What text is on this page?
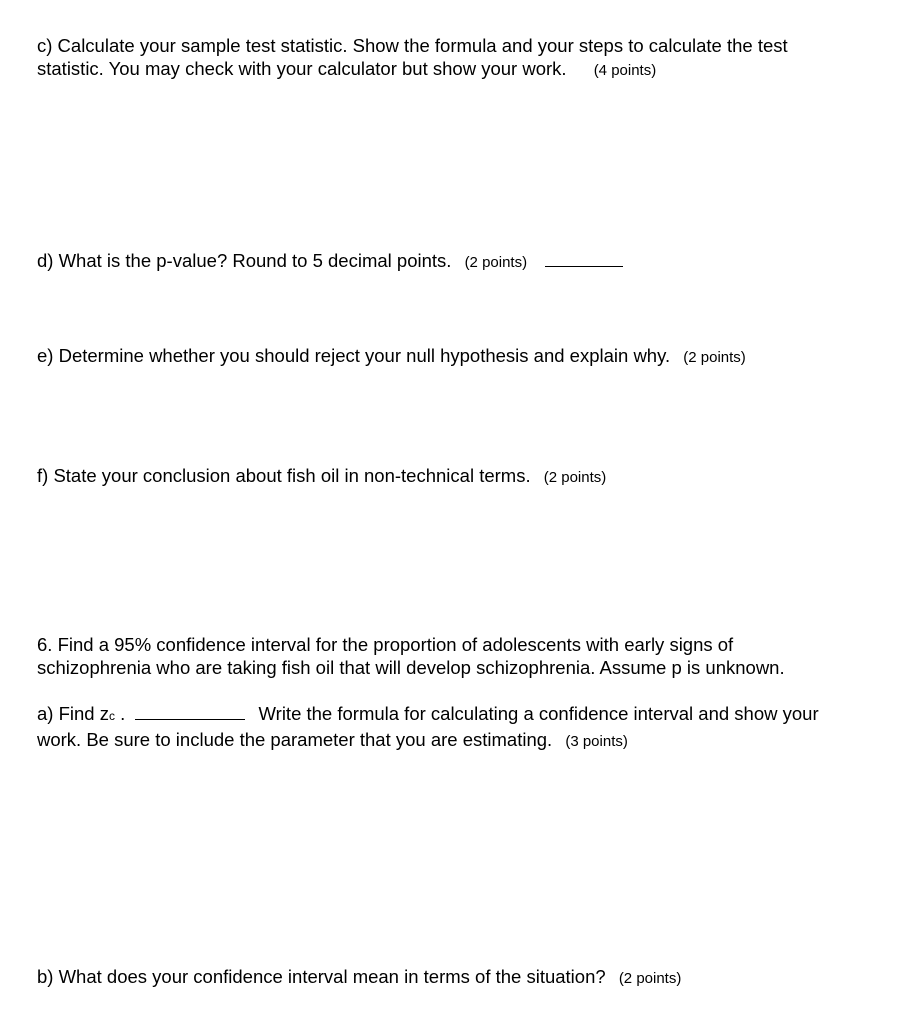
c) Calculate your sample test statistic. Show the formula and your steps to calculate the test
statistic. You may check with your calculator but show your work. (4 points)
d) What is the p-value? Round to 5 decimal points. (2 points)
e) Determine whether you should reject your null hypothesis and explain why. (2 points)
f) State your conclusion about fish oil in non-technical terms. (2 points)
6. Find a 95% confidence interval for the proportion of adolescents with early signs of
schizophrenia who are taking fish oil that will develop schizophrenia. Assume p is unknown.
a) Find zc .	Write the formula for calculating a confidence interval and show your
work. Be sure to include the parameter that you are estimating. (3 points)
b) What does your confidence interval mean in terms of the situation? (2 points)
